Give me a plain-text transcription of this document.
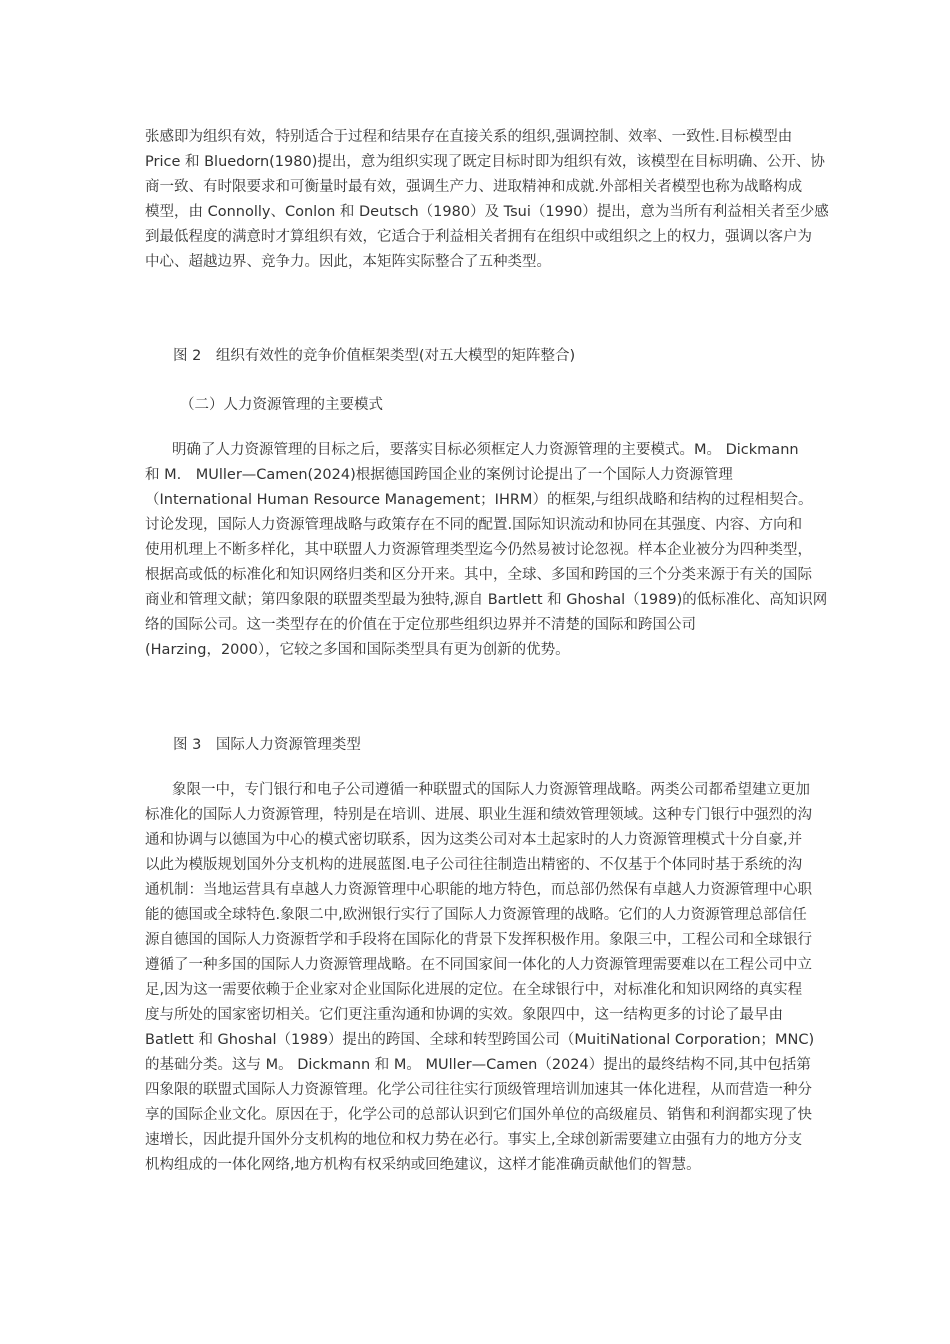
张感即为组织有效，特别适合于过程和结果存在直接关系的组织,强调控制、效率、一致性.目标模型由
Price 和 Bluedorn(1980)提出，意为组织实现了既定目标时即为组织有效，该模型在目标明确、公开、协
商一致、有时限要求和可衡量时最有效，强调生产力、进取精神和成就.外部相关者模型也称为战略构成
模型，由 Connolly、Conlon 和 Deutsch（1980）及 Tsui（1990）提出，意为当所有利益相关者至少感
到最低程度的满意时才算组织有效，它适合于利益相关者拥有在组织中或组织之上的权力，强调以客户为
中心、超越边界、竞争力。因此，本矩阵实际整合了五种类型。
图 2　组织有效性的竞争价值框架类型(对五大模型的矩阵整合)
（二）人力资源管理的主要模式
明确了人力资源管理的目标之后，要落实目标必须框定人力资源管理的主要模式。M。 Dickmann
和 M.　MUller—Camen(2024)根据德国跨国企业的案例讨论提出了一个国际人力资源管理
（International Human Resource Management；IHRM）的框架,与组织战略和结构的过程相契合。
讨论发现，国际人力资源管理战略与政策存在不同的配置.国际知识流动和协同在其强度、内容、方向和
使用机理上不断多样化，其中联盟人力资源管理类型迄今仍然易被讨论忽视。样本企业被分为四种类型，
根据高或低的标准化和知识网络归类和区分开来。其中，全球、多国和跨国的三个分类来源于有关的国际
商业和管理文献；第四象限的联盟类型最为独特,源自 Bartlett 和 Ghoshal（1989)的低标准化、高知识网
络的国际公司。这一类型存在的价值在于定位那些组织边界并不清楚的国际和跨国公司
(Harzing，2000），它较之多国和国际类型具有更为创新的优势。
图 3　国际人力资源管理类型
象限一中，专门银行和电子公司遵循一种联盟式的国际人力资源管理战略。两类公司都希望建立更加
标准化的国际人力资源管理，特别是在培训、进展、职业生涯和绩效管理领域。这种专门银行中强烈的沟
通和协调与以德国为中心的模式密切联系，因为这类公司对本土起家时的人力资源管理模式十分自豪,并
以此为模版规划国外分支机构的进展蓝图.电子公司往往制造出精密的、不仅基于个体同时基于系统的沟
通机制：当地运营具有卓越人力资源管理中心职能的地方特色，而总部仍然保有卓越人力资源管理中心职
能的德国或全球特色.象限二中,欧洲银行实行了国际人力资源管理的战略。它们的人力资源管理总部信任
源自德国的国际人力资源哲学和手段将在国际化的背景下发挥积极作用。象限三中，工程公司和全球银行
遵循了一种多国的国际人力资源管理战略。在不同国家间一体化的人力资源管理需要难以在工程公司中立
足,因为这一需要依赖于企业家对企业国际化进展的定位。在全球银行中，对标准化和知识网络的真实程
度与所处的国家密切相关。它们更注重沟通和协调的实效。象限四中，这一结构更多的讨论了最早由
Batlett 和 Ghoshal（1989）提出的跨国、全球和转型跨国公司（MuitiNational Corporation；MNC)
的基础分类。这与 M。 Dickmann 和 M。 MUller—Camen（2024）提出的最终结构不同,其中包括第
四象限的联盟式国际人力资源管理。化学公司往往实行顶级管理培训加速其一体化进程，从而营造一种分
享的国际企业文化。原因在于，化学公司的总部认识到它们国外单位的高级雇员、销售和利润都实现了快
速增长，因此提升国外分支机构的地位和权力势在必行。事实上,全球创新需要建立由强有力的地方分支
机构组成的一体化网络,地方机构有权采纳或回绝建议，这样才能准确贡献他们的智慧。
